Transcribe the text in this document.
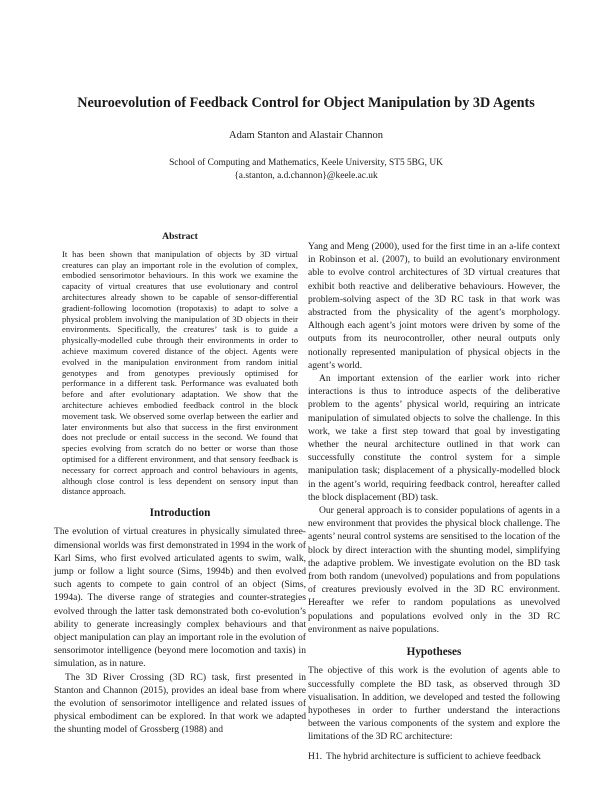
Neuroevolution of Feedback Control for Object Manipulation by 3D Agents
Adam Stanton and Alastair Channon
School of Computing and Mathematics, Keele University, ST5 5BG, UK
{a.stanton, a.d.channon}@keele.ac.uk
Abstract

It has been shown that manipulation of objects by 3D virtual creatures can play an important role in the evolution of complex, embodied sensorimotor behaviours. In this work we examine the capacity of virtual creatures that use evolutionary and control architectures already shown to be capable of sensor-differential gradient-following locomotion (tropotaxis) to adapt to solve a physical problem involving the manipulation of 3D objects in their environments. Specifically, the creatures’ task is to guide a physically-modelled cube through their environments in order to achieve maximum covered distance of the object. Agents were evolved in the manipulation environment from random initial genotypes and from genotypes previously optimised for performance in a different task. Performance was evaluated both before and after evolutionary adaptation. We show that the architecture achieves embodied feedback control in the block movement task. We observed some overlap between the earlier and later environments but also that success in the first environment does not preclude or entail success in the second. We found that species evolving from scratch do no better or worse than those optimised for a different environment, and that sensory feedback is necessary for correct approach and control behaviours in agents, although close control is less dependent on sensory input than distance approach.

Introduction

The evolution of virtual creatures in physically simulated three-dimensional worlds was first demonstrated in 1994 in the work of Karl Sims, who first evolved articulated agents to swim, walk, jump or follow a light source (Sims, 1994b) and then evolved such agents to compete to gain control of an object (Sims, 1994a). The diverse range of strategies and counter-strategies evolved through the latter task demonstrated both co-evolution’s ability to generate increasingly complex behaviours and that object manipulation can play an important role in the evolution of sensorimotor intelligence (beyond mere locomotion and taxis) in simulation, as in nature.

The 3D River Crossing (3D RC) task, first presented in Stanton and Channon (2015), provides an ideal base from where the evolution of sensorimotor intelligence and related issues of physical embodiment can be explored. In that work we adapted the shunting model of Grossberg (1988) and

Yang and Meng (2000), used for the first time in an a-life context in Robinson et al. (2007), to build an evolutionary environment able to evolve control architectures of 3D virtual creatures that exhibit both reactive and deliberative behaviours. However, the problem-solving aspect of the 3D RC task in that work was abstracted from the physicality of the agent’s morphology. Although each agent’s joint motors were driven by some of the outputs from its neurocontroller, other neural outputs only notionally represented manipulation of physical objects in the agent’s world.

An important extension of the earlier work into richer interactions is thus to introduce aspects of the deliberative problem to the agents’ physical world, requiring an intricate manipulation of simulated objects to solve the challenge. In this work, we take a first step toward that goal by investigating whether the neural architecture outlined in that work can successfully constitute the control system for a simple manipulation task; displacement of a physically-modelled block in the agent’s world, requiring feedback control, hereafter called the block displacement (BD) task.

Our general approach is to consider populations of agents in a new environment that provides the physical block challenge. The agents’ neural control systems are sensitised to the location of the block by direct interaction with the shunting model, simplifying the adaptive problem. We investigate evolution on the BD task from both random (unevolved) populations and from populations of creatures previously evolved in the 3D RC environment. Hereafter we refer to random populations as unevolved populations and populations evolved only in the 3D RC environment as naive populations.

Hypotheses

The objective of this work is the evolution of agents able to successfully complete the BD task, as observed through 3D visualisation. In addition, we developed and tested the following hypotheses in order to further understand the interactions between the various components of the system and explore the limitations of the 3D RC architecture:

H1. The hybrid architecture is sufficient to achieve feedback
